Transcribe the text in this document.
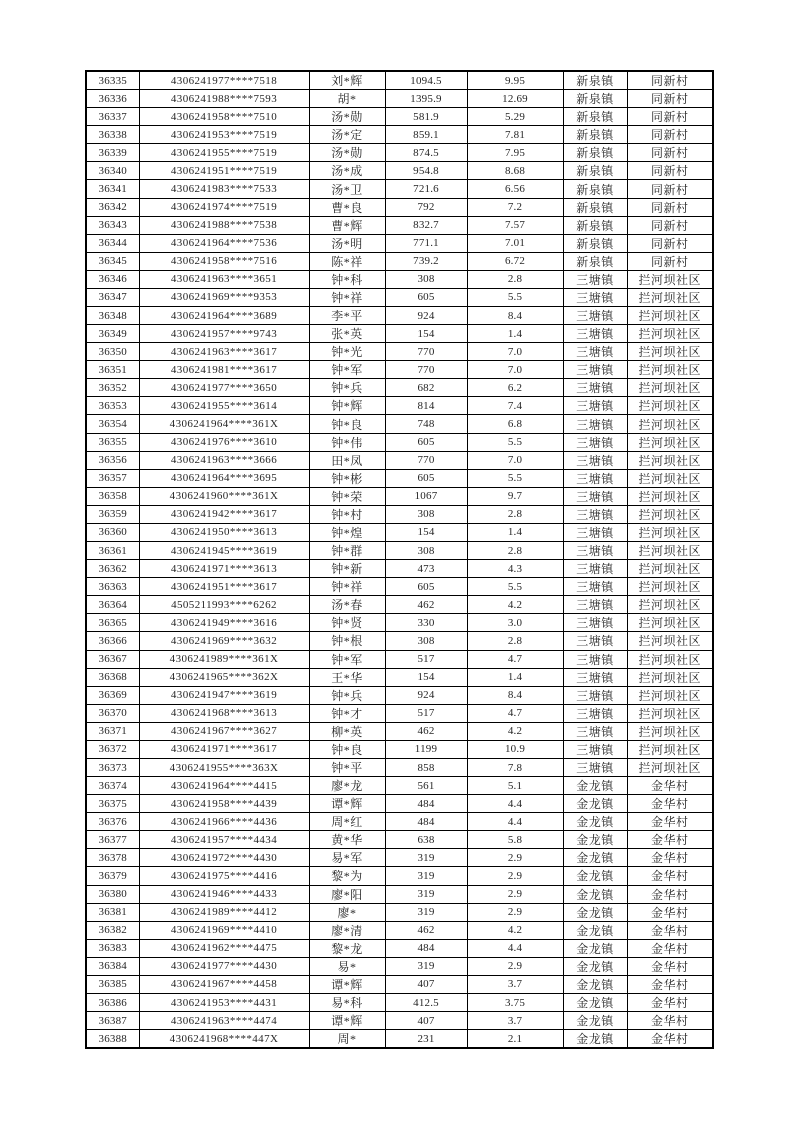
36335	4306241977****7518	刘*辉	1094.5	9.95	新泉镇	同新村
36336	4306241988****7593	胡*	1395.9	12.69	新泉镇	同新村
36337	4306241958****7510	汤*勋	581.9	5.29	新泉镇	同新村
36338	4306241953****7519	汤*定	859.1	7.81	新泉镇	同新村
36339	4306241955****7519	汤*勋	874.5	7.95	新泉镇	同新村
36340	4306241951****7519	汤*成	954.8	8.68	新泉镇	同新村
36341	4306241983****7533	汤*卫	721.6	6.56	新泉镇	同新村
36342	4306241974****7519	曹*良	792	7.2	新泉镇	同新村
36343	4306241988****7538	曹*辉	832.7	7.57	新泉镇	同新村
36344	4306241964****7536	汤*明	771.1	7.01	新泉镇	同新村
36345	4306241958****7516	陈*祥	739.2	6.72	新泉镇	同新村
36346	4306241963****3651	钟*科	308	2.8	三塘镇	拦河坝社区
36347	4306241969****9353	钟*祥	605	5.5	三塘镇	拦河坝社区
36348	4306241964****3689	李*平	924	8.4	三塘镇	拦河坝社区
36349	4306241957****9743	张*英	154	1.4	三塘镇	拦河坝社区
36350	4306241963****3617	钟*光	770	7.0	三塘镇	拦河坝社区
36351	4306241981****3617	钟*军	770	7.0	三塘镇	拦河坝社区
36352	4306241977****3650	钟*兵	682	6.2	三塘镇	拦河坝社区
36353	4306241955****3614	钟*辉	814	7.4	三塘镇	拦河坝社区
36354	4306241964****361X	钟*良	748	6.8	三塘镇	拦河坝社区
36355	4306241976****3610	钟*伟	605	5.5	三塘镇	拦河坝社区
36356	4306241963****3666	田*凤	770	7.0	三塘镇	拦河坝社区
36357	4306241964****3695	钟*彬	605	5.5	三塘镇	拦河坝社区
36358	4306241960****361X	钟*荣	1067	9.7	三塘镇	拦河坝社区
36359	4306241942****3617	钟*村	308	2.8	三塘镇	拦河坝社区
36360	4306241950****3613	钟*煌	154	1.4	三塘镇	拦河坝社区
36361	4306241945****3619	钟*群	308	2.8	三塘镇	拦河坝社区
36362	4306241971****3613	钟*新	473	4.3	三塘镇	拦河坝社区
36363	4306241951****3617	钟*祥	605	5.5	三塘镇	拦河坝社区
36364	4505211993****6262	汤*春	462	4.2	三塘镇	拦河坝社区
36365	4306241949****3616	钟*贤	330	3.0	三塘镇	拦河坝社区
36366	4306241969****3632	钟*根	308	2.8	三塘镇	拦河坝社区
36367	4306241989****361X	钟*军	517	4.7	三塘镇	拦河坝社区
36368	4306241965****362X	王*华	154	1.4	三塘镇	拦河坝社区
36369	4306241947****3619	钟*兵	924	8.4	三塘镇	拦河坝社区
36370	4306241968****3613	钟*才	517	4.7	三塘镇	拦河坝社区
36371	4306241967****3627	柳*英	462	4.2	三塘镇	拦河坝社区
36372	4306241971****3617	钟*良	1199	10.9	三塘镇	拦河坝社区
36373	4306241955****363X	钟*平	858	7.8	三塘镇	拦河坝社区
36374	4306241964****4415	廖*龙	561	5.1	金龙镇	金华村
36375	4306241958****4439	谭*辉	484	4.4	金龙镇	金华村
36376	4306241966****4436	周*红	484	4.4	金龙镇	金华村
36377	4306241957****4434	黄*华	638	5.8	金龙镇	金华村
36378	4306241972****4430	易*军	319	2.9	金龙镇	金华村
36379	4306241975****4416	黎*为	319	2.9	金龙镇	金华村
36380	4306241946****4433	廖*阳	319	2.9	金龙镇	金华村
36381	4306241989****4412	廖*	319	2.9	金龙镇	金华村
36382	4306241969****4410	廖*清	462	4.2	金龙镇	金华村
36383	4306241962****4475	黎*龙	484	4.4	金龙镇	金华村
36384	4306241977****4430	易*	319	2.9	金龙镇	金华村
36385	4306241967****4458	谭*辉	407	3.7	金龙镇	金华村
36386	4306241953****4431	易*科	412.5	3.75	金龙镇	金华村
36387	4306241963****4474	谭*辉	407	3.7	金龙镇	金华村
36388	4306241968****447X	周*	231	2.1	金龙镇	金华村
